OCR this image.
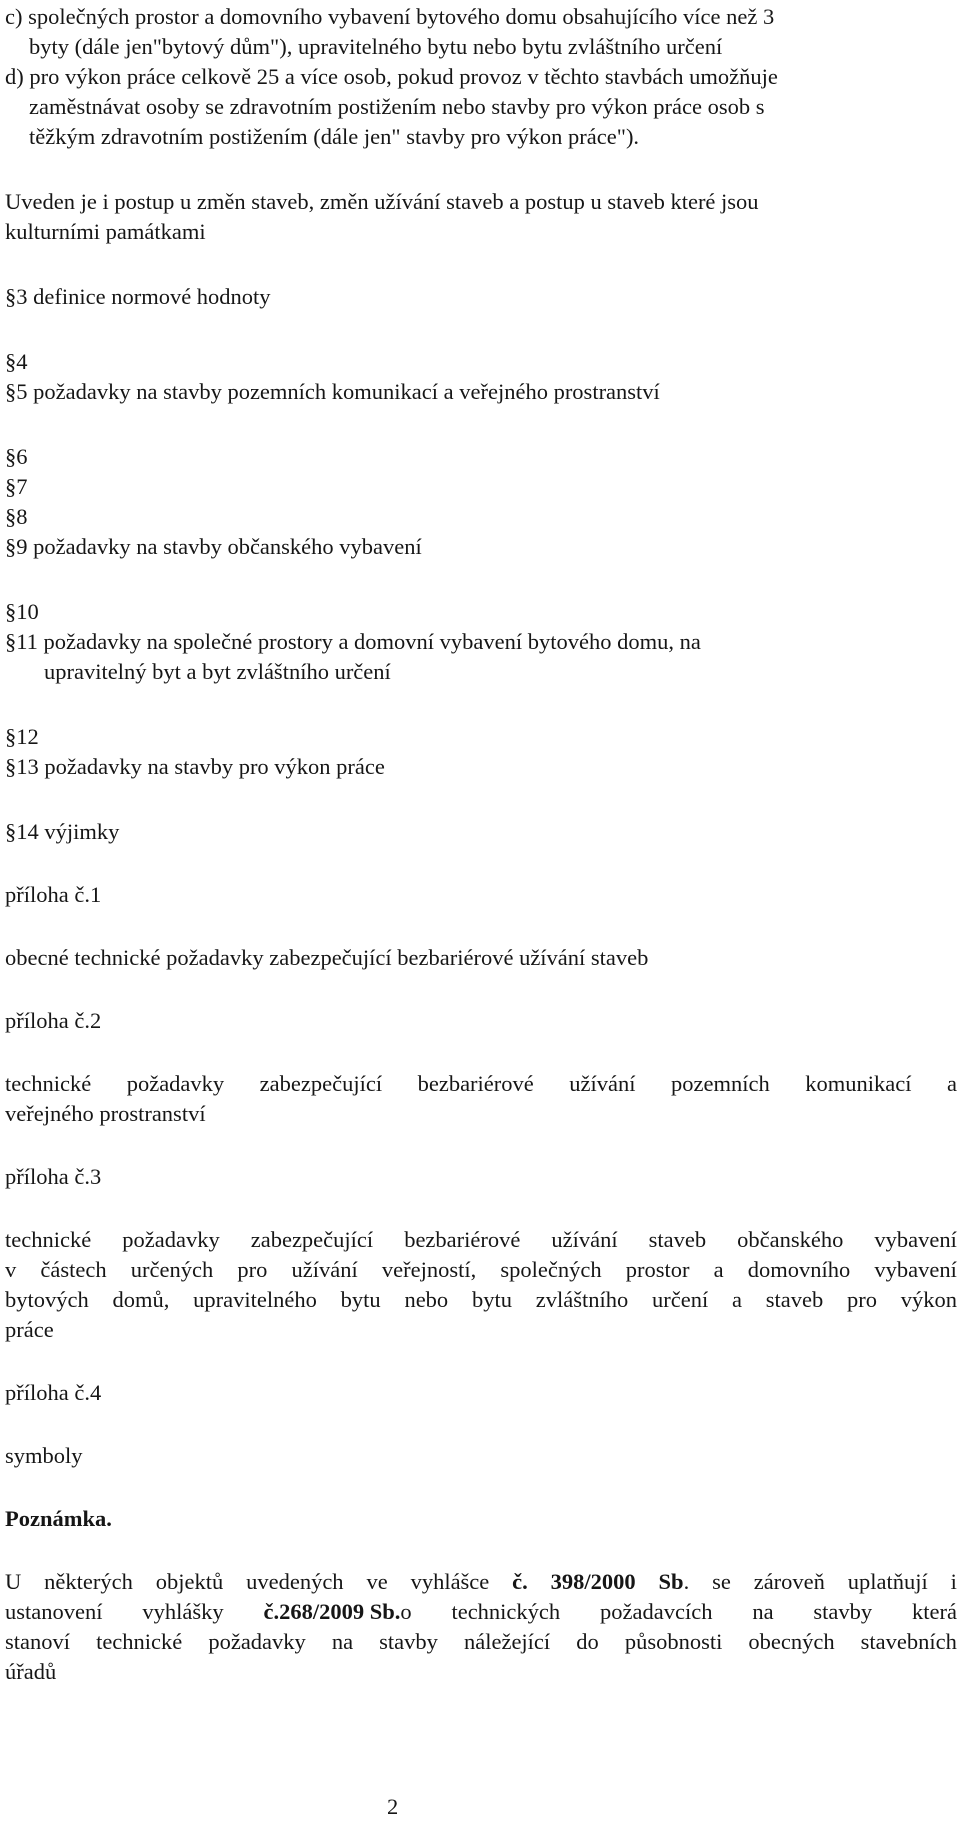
c) společných prostor a domovního vybavení bytového domu obsahujícího více než 3
byty (dále jen"bytový dům"), upravitelného bytu nebo bytu zvláštního určení
d) pro výkon práce celkově 25 a více osob, pokud provoz v těchto stavbách umožňuje
zaměstnávat osoby se zdravotním postižením nebo stavby pro výkon práce osob s
těžkým zdravotním postižením (dále jen" stavby pro výkon práce").
Uveden je i postup u změn staveb, změn užívání staveb a postup u staveb které jsou
kulturními památkami
§3 definice normové hodnoty
§4
§5 požadavky na stavby pozemních komunikací a veřejného prostranství
§6
§7
§8
§9 požadavky na stavby občanského vybavení
§10
§11 požadavky na společné prostory a domovní vybavení bytového domu, na
upravitelný byt a byt zvláštního určení
§12
§13 požadavky na stavby pro výkon práce
§14 výjimky
příloha č.1
obecné technické požadavky zabezpečující bezbariérové užívání staveb
příloha č.2
technické požadavky zabezpečující bezbariérové užívání pozemních komunikací a
veřejného prostranství
příloha č.3
technické požadavky zabezpečující bezbariérové užívání staveb občanského vybavení
v částech určených pro užívání veřejností, společných prostor a domovního vybavení
bytových domů, upravitelného bytu nebo bytu zvláštního určení a staveb pro výkon
práce
příloha č.4
symboly
Poznámka.
U některých objektů uvedených ve vyhlášce č. 398/2000 Sb. se zároveň uplatňují i
ustanovení vyhlášky č.268/2009 Sb.o technických požadavcích na stavby která
stanoví technické požadavky na stavby náležející do působnosti obecných stavebních
úřadů
2
